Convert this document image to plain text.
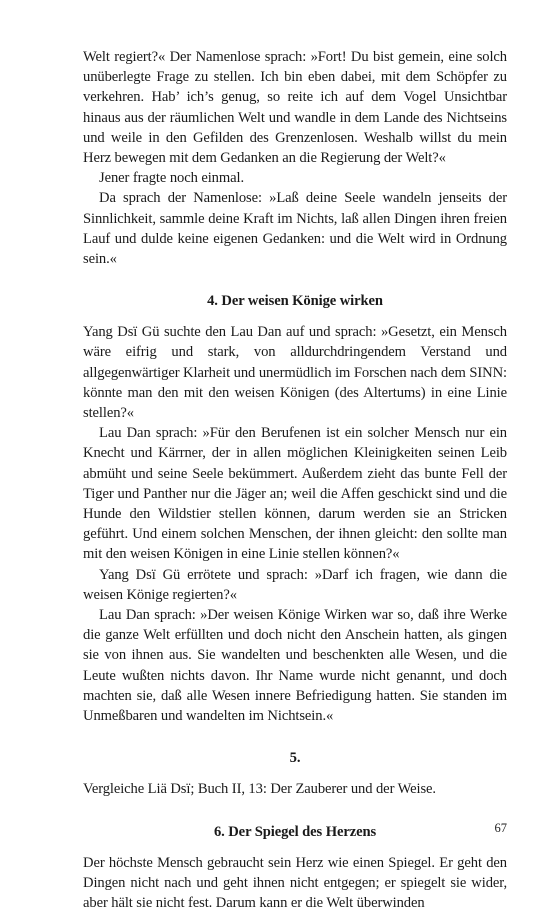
Welt regiert?« Der Namenlose sprach: »Fort! Du bist gemein, eine solch unüberlegte Frage zu stellen. Ich bin eben dabei, mit dem Schöpfer zu verkehren. Hab’ ich’s genug, so reite ich auf dem Vogel Unsichtbar hinaus aus der räumlichen Welt und wandle in dem Lande des Nichtseins und weile in den Gefilden des Grenzenlosen. Weshalb willst du mein Herz bewegen mit dem Gedanken an die Regierung der Welt?«

Jener fragte noch einmal.

Da sprach der Namenlose: »Laß deine Seele wandeln jenseits der Sinnlichkeit, sammle deine Kraft im Nichts, laß allen Dingen ihren freien Lauf und dulde keine eigenen Gedanken: und die Welt wird in Ordnung sein.«

4. Der weisen Könige wirken

Yang Dsï Gü suchte den Lau Dan auf und sprach: »Gesetzt, ein Mensch wäre eifrig und stark, von alldurchdringendem Verstand und allgegenwärtiger Klarheit und unermüdlich im Forschen nach dem SINN: könnte man den mit den weisen Königen (des Altertums) in eine Linie stellen?«

Lau Dan sprach: »Für den Berufenen ist ein solcher Mensch nur ein Knecht und Kärrner, der in allen möglichen Kleinigkeiten seinen Leib abmüht und seine Seele bekümmert. Außerdem zieht das bunte Fell der Tiger und Panther nur die Jäger an; weil die Affen geschickt sind und die Hunde den Wildstier stellen können, darum werden sie an Stricken geführt. Und einem solchen Menschen, der ihnen gleicht: den sollte man mit den weisen Königen in eine Linie stellen können?«

Yang Dsï Gü errötete und sprach: »Darf ich fragen, wie dann die weisen Könige regierten?«

Lau Dan sprach: »Der weisen Könige Wirken war so, daß ihre Werke die ganze Welt erfüllten und doch nicht den Anschein hatten, als gingen sie von ihnen aus. Sie wandelten und beschenkten alle Wesen, und die Leute wußten nichts davon. Ihr Name wurde nicht genannt, und doch machten sie, daß alle Wesen innere Befriedigung hatten. Sie standen im Unmeßbaren und wandelten im Nichtsein.«

5.

Vergleiche Liä Dsï; Buch II, 13: Der Zauberer und der Weise.

6. Der Spiegel des Herzens

Der höchste Mensch gebraucht sein Herz wie einen Spiegel. Er geht den Dingen nicht nach und geht ihnen nicht entgegen; er spiegelt sie wider, aber hält sie nicht fest. Darum kann er die Welt überwinden

67
